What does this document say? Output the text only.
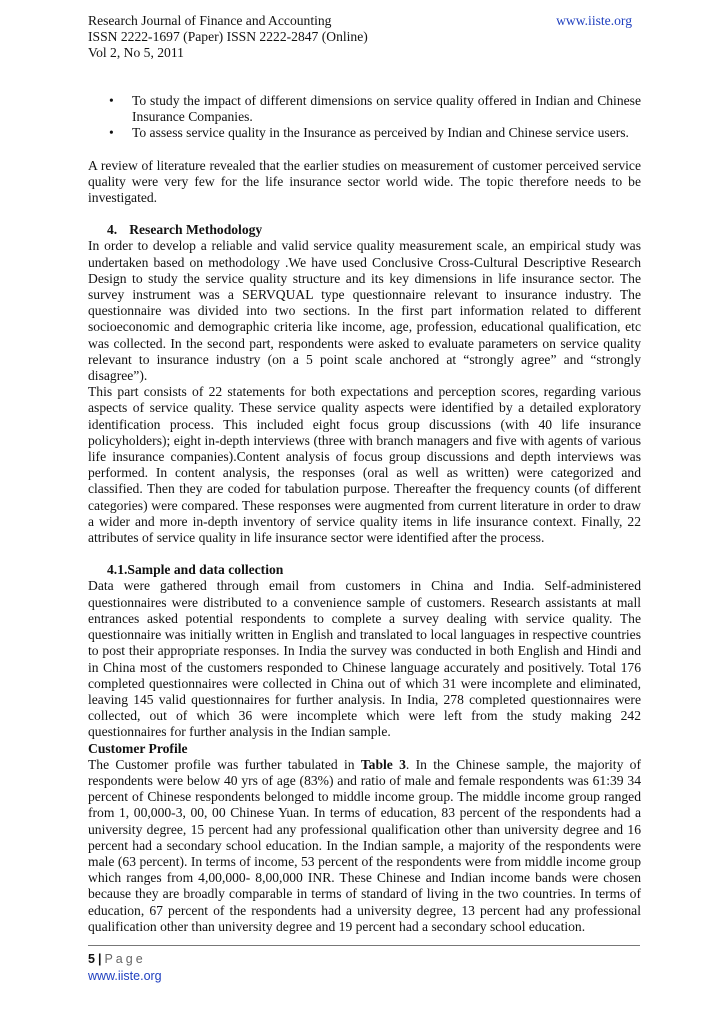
Research Journal of Finance and Accounting	www.iiste.org
ISSN 2222-1697 (Paper) ISSN 2222-2847 (Online)
Vol 2, No 5, 2011
• To study the impact of different dimensions on service quality offered in Indian and Chinese Insurance Companies.
• To assess service quality in the Insurance as perceived by Indian and Chinese service users.

A review of literature revealed that the earlier studies on measurement of customer perceived service quality were very few for the life insurance sector world wide. The topic therefore needs to be investigated.

4. Research Methodology

In order to develop a reliable and valid service quality measurement scale, an empirical study was undertaken based on methodology .We have used Conclusive Cross-Cultural Descriptive Research Design to study the service quality structure and its key dimensions in life insurance sector. The survey instrument was a SERVQUAL type questionnaire relevant to insurance industry. The questionnaire was divided into two sections. In the first part information related to different socioeconomic and demographic criteria like income, age, profession, educational qualification, etc was collected. In the second part, respondents were asked to evaluate parameters on service quality relevant to insurance industry (on a 5 point scale anchored at “strongly agree” and “strongly disagree”).

This part consists of 22 statements for both expectations and perception scores, regarding various aspects of service quality. These service quality aspects were identified by a detailed exploratory identification process. This included eight focus group discussions (with 40 life insurance policyholders); eight in-depth interviews (three with branch managers and five with agents of various life insurance companies).Content analysis of focus group discussions and depth interviews was performed. In content analysis, the responses (oral as well as written) were categorized and classified. Then they are coded for tabulation purpose. Thereafter the frequency counts (of different categories) were compared. These responses were augmented from current literature in order to draw a wider and more in-depth inventory of service quality items in life insurance context. Finally, 22 attributes of service quality in life insurance sector were identified after the process.

4.1.Sample and data collection

Data were gathered through email from customers in China and India. Self-administered questionnaires were distributed to a convenience sample of customers. Research assistants at mall entrances asked potential respondents to complete a survey dealing with service quality. The questionnaire was initially written in English and translated to local languages in respective countries to post their appropriate responses. In India the survey was conducted in both English and Hindi and in China most of the customers responded to Chinese language accurately and positively. Total 176 completed questionnaires were collected in China out of which 31 were incomplete and eliminated, leaving 145 valid questionnaires for further analysis. In India, 278 completed questionnaires were collected, out of which 36 were incomplete which were left from the study making 242 questionnaires for further analysis in the Indian sample.

Customer Profile

The Customer profile was further tabulated in Table 3. In the Chinese sample, the majority of respondents were below 40 yrs of age (83%) and ratio of male and female respondents was 61:39 34 percent of Chinese respondents belonged to middle income group. The middle income group ranged from 1, 00,000-3, 00, 00 Chinese Yuan. In terms of education, 83 percent of the respondents had a university degree, 15 percent had any professional qualification other than university degree and 16 percent had a secondary school education. In the Indian sample, a majority of the respondents were male (63 percent). In terms of income, 53 percent of the respondents were from middle income group which ranges from 4,00,000- 8,00,000 INR. These Chinese and Indian income bands were chosen because they are broadly comparable in terms of standard of living in the two countries. In terms of education, 67 percent of the respondents had a university degree, 13 percent had any professional qualification other than university degree and 19 percent had a secondary school education.

5 | Page
www.iiste.org
